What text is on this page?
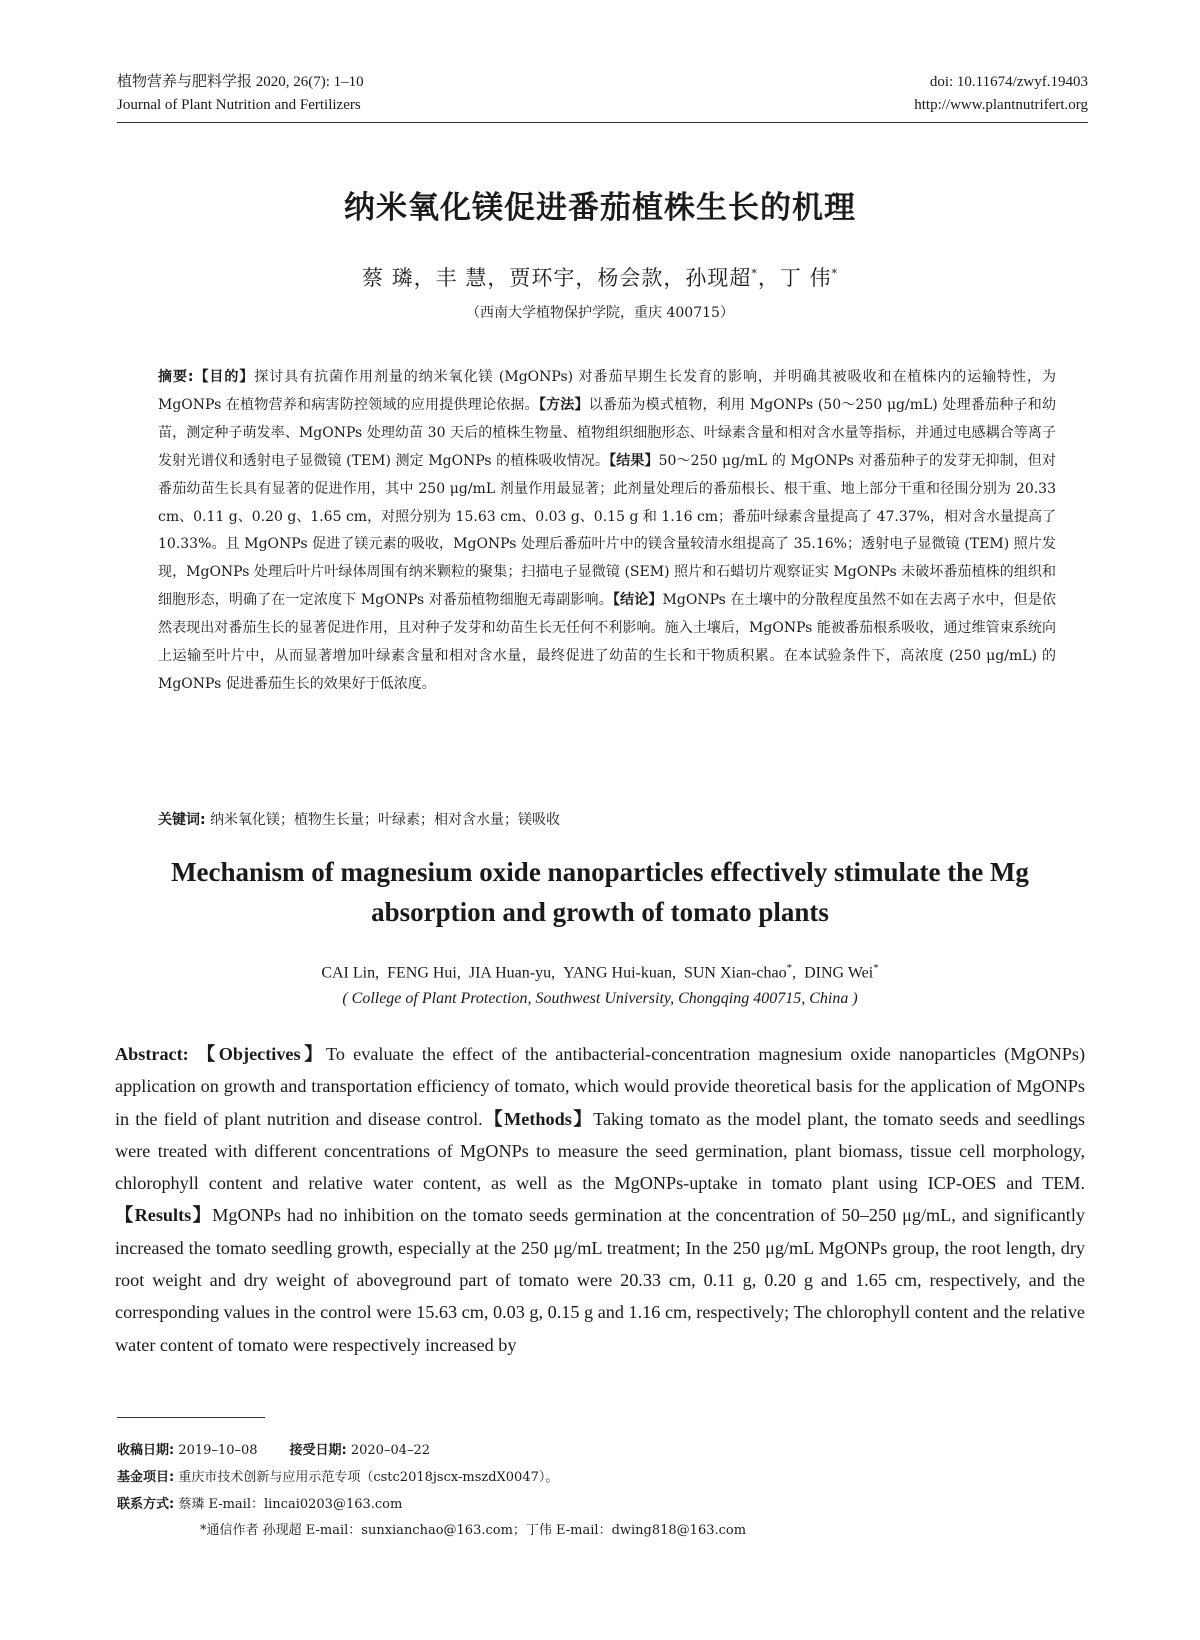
植物营养与肥料学报 2020, 26(7): 1–10	doi: 10.11674/zwyf.19403
Journal of Plant Nutrition and Fertilizers	http://www.plantnutrifert.org
纳米氧化镁促进番茄植株生长的机理
蔡 璘，丰 慧，贾环宇，杨会款，孙现超*，丁 伟*
（西南大学植物保护学院，重庆 400715）
摘要:【目的】探讨具有抗菌作用剂量的纳米氧化镁 (MgONPs) 对番茄早期生长发育的影响，并明确其被吸收和在植株内的运输特性，为 MgONPs 在植物营养和病害防控领域的应用提供理论依据。【方法】以番茄为模式植物，利用 MgONPs (50～250 μg/mL) 处理番茄种子和幼苗，测定种子萌发率、MgONPs 处理幼苗 30 天后的植株生物量、植物组织细胞形态、叶绿素含量和相对含水量等指标，并通过电感耦合等离子发射光谱仪和透射电子显微镜 (TEM) 测定 MgONPs 的植株吸收情况。【结果】50～250 μg/mL 的 MgONPs 对番茄种子的发芽无抑制，但对番茄幼苗生长具有显著的促进作用，其中 250 μg/mL 剂量作用最显著；此剂量处理后的番茄根长、根干重、地上部分干重和径围分别为 20.33 cm、0.11 g、0.20 g、1.65 cm，对照分别为 15.63 cm、0.03 g、0.15 g 和 1.16 cm；番茄叶绿素含量提高了 47.37%，相对含水量提高了 10.33%。且 MgONPs 促进了镁元素的吸收，MgONPs 处理后番茄叶片中的镁含量较清水组提高了 35.16%；透射电子显微镜 (TEM) 照片发现，MgONPs 处理后叶片叶绿体周围有纳米颗粒的聚集；扫描电子显微镜 (SEM) 照片和石蜡切片观察证实 MgONPs 未破坏番茄植株的组织和细胞形态，明确了在一定浓度下 MgONPs 对番茄植物细胞无毒副影响。【结论】MgONPs 在土壤中的分散程度虽然不如在去离子水中，但是依然表现出对番茄生长的显著促进作用，且对种子发芽和幼苗生长无任何不利影响。施入土壤后，MgONPs 能被番茄根系吸收，通过维管束系统向上运输至叶片中，从而显著增加叶绿素含量和相对含水量，最终促进了幼苗的生长和干物质积累。在本试验条件下，高浓度 (250 μg/mL) 的 MgONPs 促进番茄生长的效果好于低浓度。
关键词: 纳米氧化镁；植物生长量；叶绿素；相对含水量；镁吸收
Mechanism of magnesium oxide nanoparticles effectively stimulate the Mg absorption and growth of tomato plants
CAI Lin, FENG Hui, JIA Huan-yu, YANG Hui-kuan, SUN Xian-chao*, DING Wei*
( College of Plant Protection, Southwest University, Chongqing 400715, China )
Abstract: 【Objectives】To evaluate the effect of the antibacterial-concentration magnesium oxide nanoparticles (MgONPs) application on growth and transportation efficiency of tomato, which would provide theoretical basis for the application of MgONPs in the field of plant nutrition and disease control.【Methods】Taking tomato as the model plant, the tomato seeds and seedlings were treated with different concentrations of MgONPs to measure the seed germination, plant biomass, tissue cell morphology, chlorophyll content and relative water content, as well as the MgONPs-uptake in tomato plant using ICP-OES and TEM.【Results】MgONPs had no inhibition on the tomato seeds germination at the concentration of 50–250 μg/mL, and significantly increased the tomato seedling growth, especially at the 250 μg/mL treatment; In the 250 μg/mL MgONPs group, the root length, dry root weight and dry weight of aboveground part of tomato were 20.33 cm, 0.11 g, 0.20 g and 1.65 cm, respectively, and the corresponding values in the control were 15.63 cm, 0.03 g, 0.15 g and 1.16 cm, respectively; The chlorophyll content and the relative water content of tomato were respectively increased by
收稿日期: 2019–10–08 接受日期: 2020–04–22
基金项目: 重庆市技术创新与应用示范专项（cstc2018jscx-mszdX0047）。
联系方式: 蔡璘 E-mail：lincai0203@163.com
*通信作者 孙现超 E-mail：sunxianchao@163.com；丁伟 E-mail：dwing818@163.com
